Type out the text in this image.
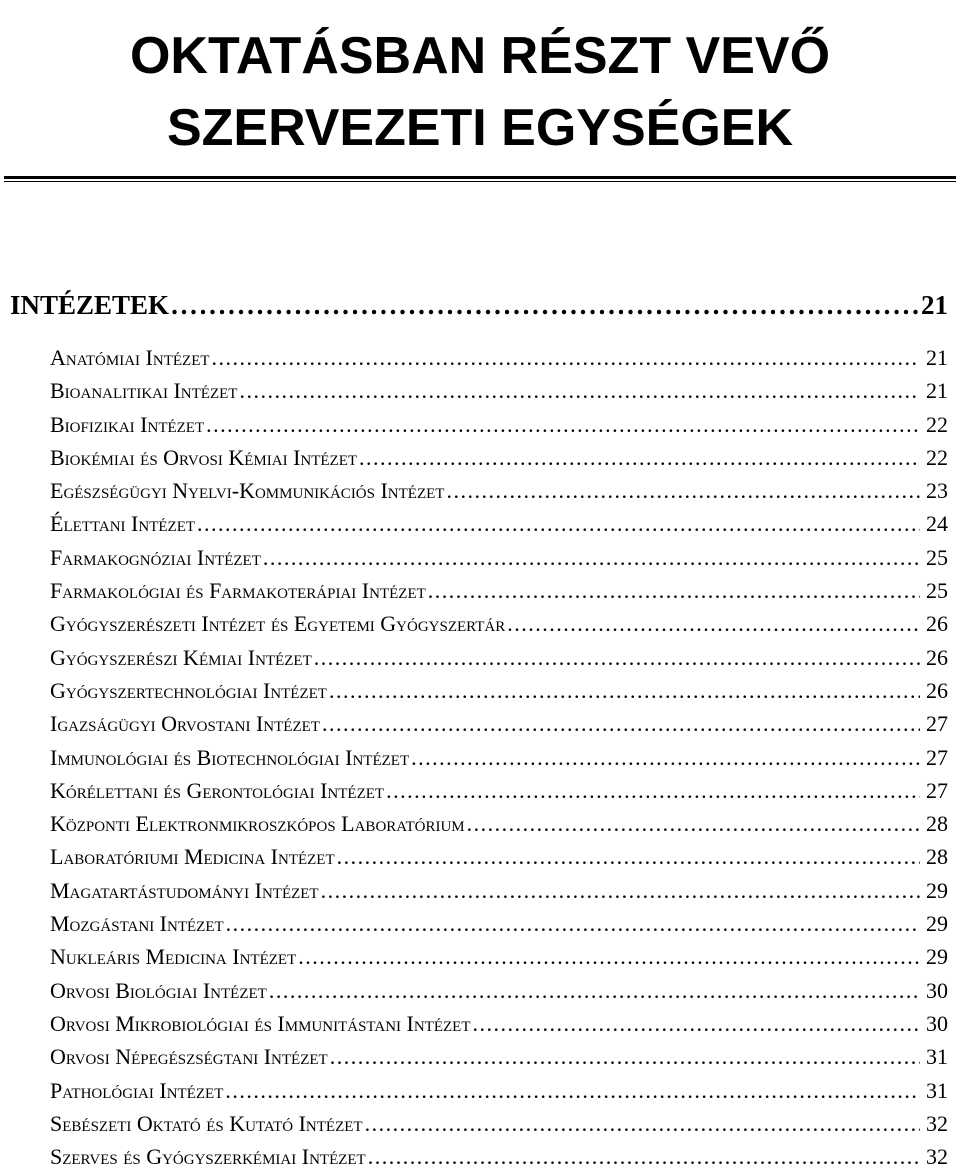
OKTATÁSBAN RÉSZT VEVŐ
SZERVEZETI EGYSÉGEK
INTÉZETEK . . .	21
Anatómiai Intézet . . .	21
Bioanalitikai Intézet . . .	21
Biofizikai Intézet . . .	22
Biokémiai és Orvosi Kémiai Intézet . . .	22
Egészségügyi Nyelvi-Kommunikációs Intézet . . .	23
Élettani Intézet . . .	24
Farmakognóziai Intézet . . .	25
Farmakológiai és Farmakoterápiai Intézet . . .	25
Gyógyszerészeti Intézet és Egyetemi Gyógyszertár . . .	26
Gyógyszerészi Kémiai Intézet . . .	26
Gyógyszertechnológiai Intézet . . .	26
Igazságügyi Orvostani Intézet . . .	27
Immunológiai és Biotechnológiai Intézet . . .	27
Kórélettani és Gerontológiai Intézet . . .	27
Központi Elektronmikroszkópos Laboratórium . . .	28
Laboratóriumi Medicina Intézet . . .	28
Magatartástudományi Intézet . . .	29
Mozgástani Intézet . . .	29
Nukleáris Medicina Intézet . . .	29
Orvosi Biológiai Intézet . . .	30
Orvosi Mikrobiológiai és Immunitástani Intézet . . .	30
Orvosi Népegészségtani Intézet . . .	31
Pathológiai Intézet . . .	31
Sebészeti Oktató és Kutató Intézet . . .	32
Szerves és Gyógyszerkémiai Intézet . . .	32
